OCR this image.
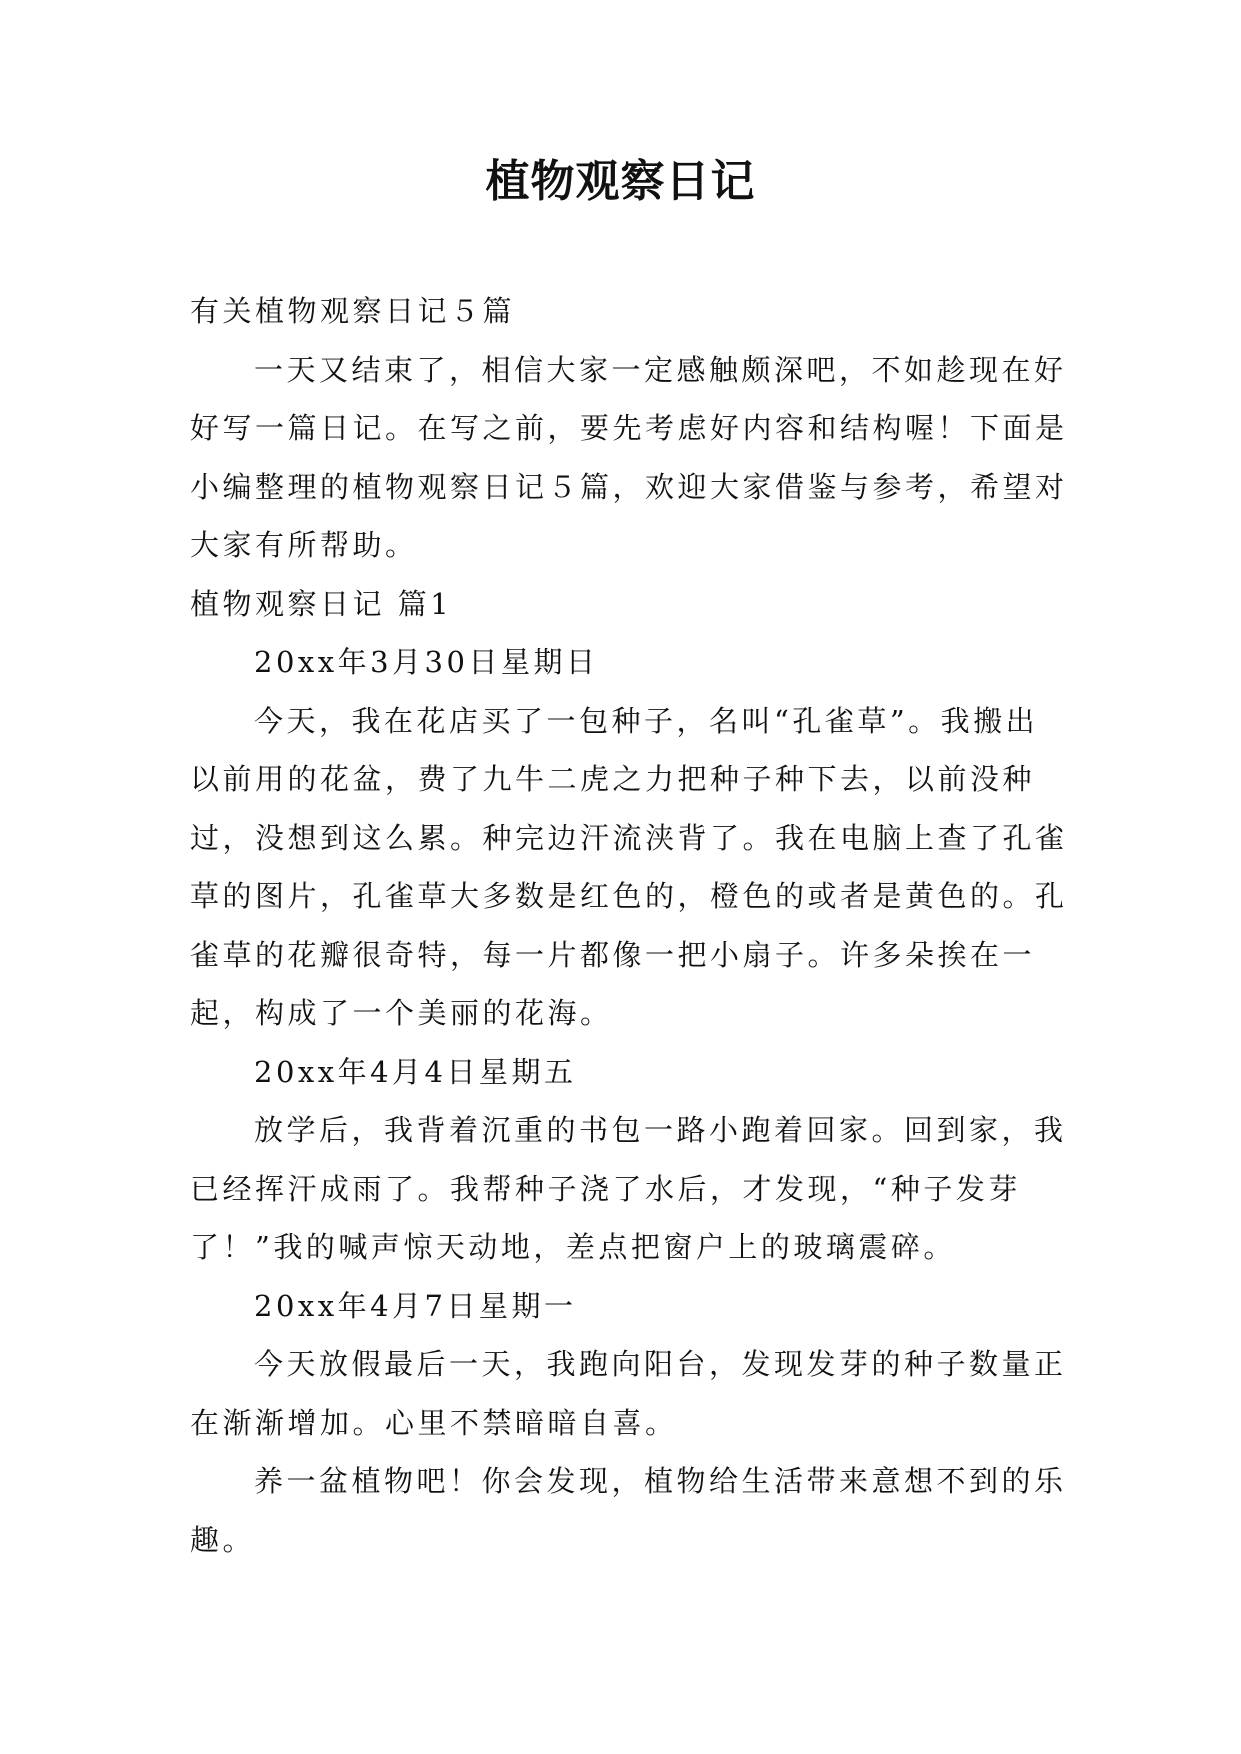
植物观察日记

有关植物观察日记５篇

一天又结束了，相信大家一定感触颇深吧，不如趁现在好好写一篇日记。在写之前，要先考虑好内容和结构喔！下面是小编整理的植物观察日记５篇，欢迎大家借鉴与参考，希望对大家有所帮助。

植物观察日记 篇1

20xx年3月30日星期日

今天，我在花店买了一包种子，名叫“孔雀草”。我搬出以前用的花盆，费了九牛二虎之力把种子种下去，以前没种过，没想到这么累。种完边汗流浃背了。我在电脑上查了孔雀草的图片，孔雀草大多数是红色的，橙色的或者是黄色的。孔雀草的花瓣很奇特，每一片都像一把小扇子。许多朵挨在一起，构成了一个美丽的花海。

20xx年4月4日星期五

放学后，我背着沉重的书包一路小跑着回家。回到家，我已经挥汗成雨了。我帮种子浇了水后，才发现，“种子发芽了！”我的喊声惊天动地，差点把窗户上的玻璃震碎。

20xx年4月7日星期一

今天放假最后一天，我跑向阳台，发现发芽的种子数量正在渐渐增加。心里不禁暗暗自喜。

养一盆植物吧！你会发现，植物给生活带来意想不到的乐趣。
